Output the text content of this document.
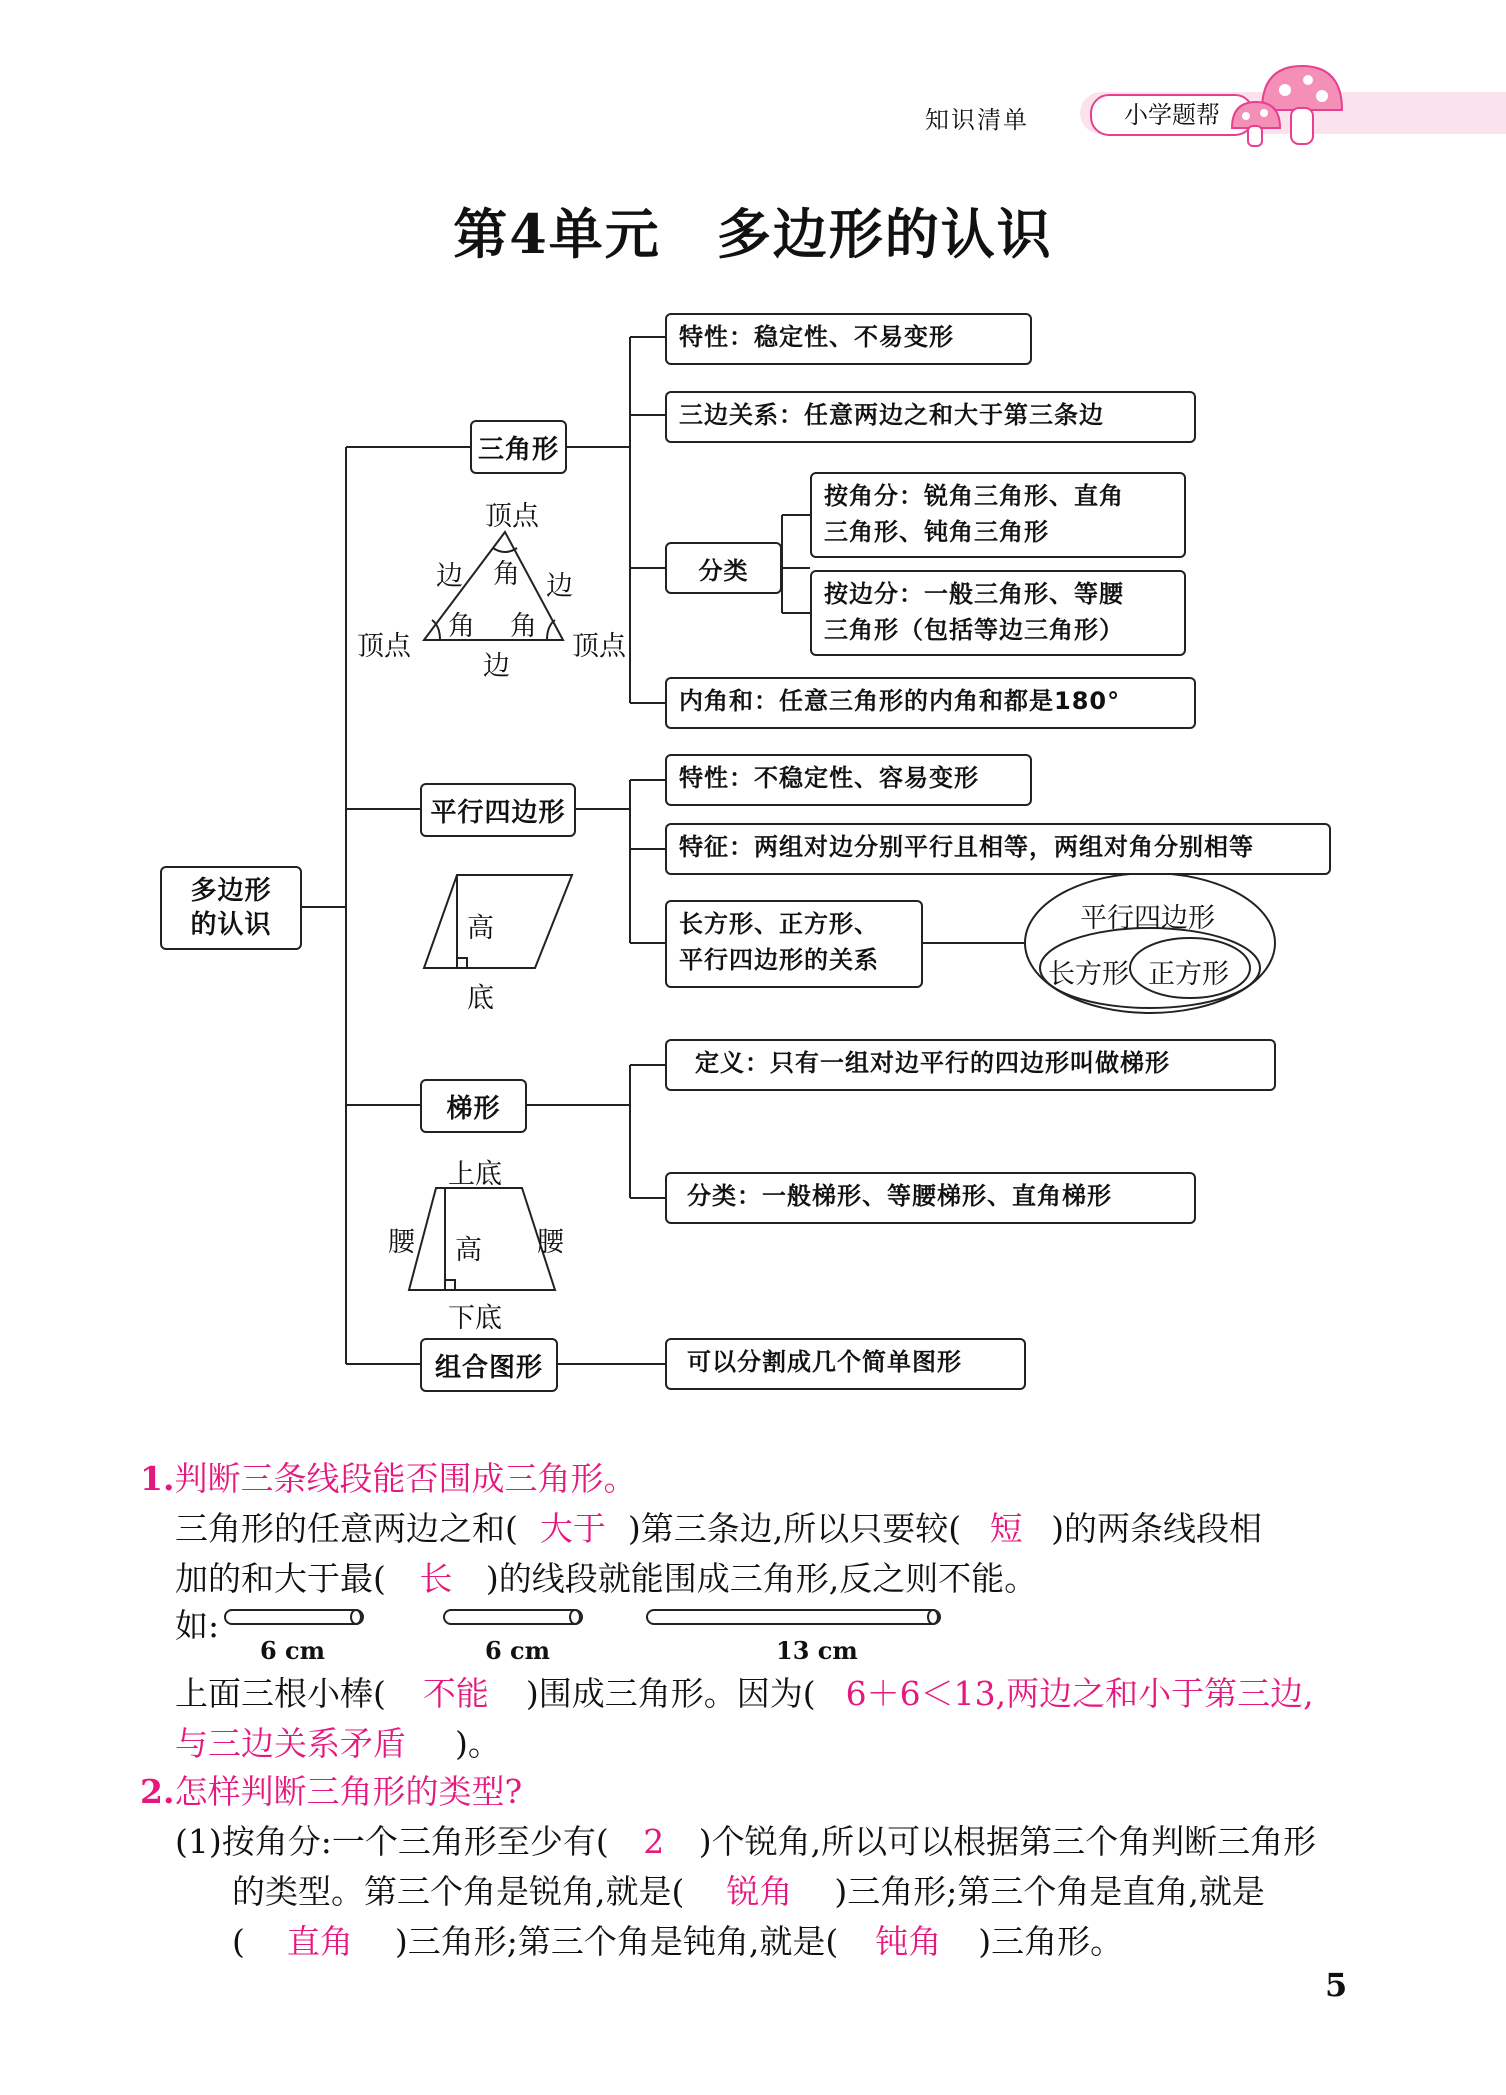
知识清单	小学题帮
第4单元　多边形的认识
多边形
的认识
三角形
特性：稳定性、不易变形
三边关系：任意两边之和大于第三条边
分类
按角分：锐角三角形、直角
三角形、钝角三角形
按边分：一般三角形、等腰
三角形（包括等边三角形）
内角和：任意三角形的内角和都是180°
平行四边形
特性：不稳定性、容易变形
特征：两组对边分别平行且相等，两组对角分别相等
长方形、正方形、
平行四边形的关系
梯形
定义：只有一组对边平行的四边形叫做梯形
分类：一般梯形、等腰梯形、直角梯形
组合图形	可以分割成几个简单图形
顶点
顶点	顶点
边	边
边
角
角 角
高
底
平行四边形
长方形 正方形
上底
下底
腰	腰
高
1.判断三条线段能否围成三角形。
三角形的任意两边之和( 大于 )第三条边,所以只要较( 短 )的两条线段相
加的和大于最( 长 )的线段就能围成三角形,反之则不能。
如:
6 cm	6 cm	13 cm
上面三根小棒( 不能 )围成三角形。因为( 6＋6＜13,两边之和小于第三边,
与三边关系矛盾 )。
2.怎样判断三角形的类型?
(1)按角分:一个三角形至少有( 2 )个锐角,所以可以根据第三个角判断三角形
的类型。第三个角是锐角,就是( 锐角 )三角形;第三个角是直角,就是
( 直角 )三角形;第三个角是钝角,就是( 钝角 )三角形。
5
